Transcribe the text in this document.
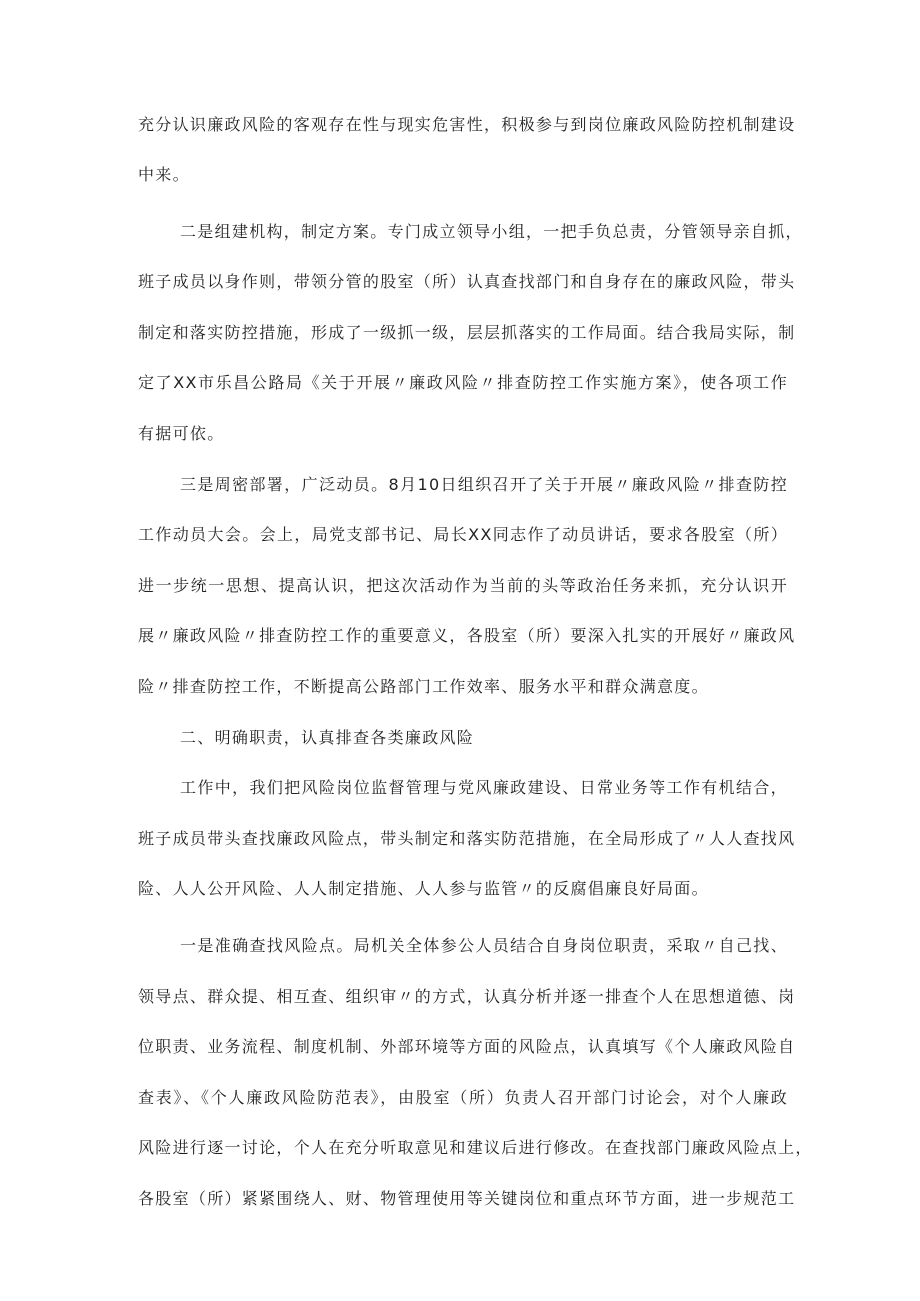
充分认识廉政风险的客观存在性与现实危害性，积极参与到岗位廉政风险防控机制建设
中来。
二是组建机构，制定方案。专门成立领导小组，一把手负总责，分管领导亲自抓，
班子成员以身作则，带领分管的股室（所）认真查找部门和自身存在的廉政风险，带头
制定和落实防控措施，形成了一级抓一级，层层抓落实的工作局面。结合我局实际，制
定了XX市乐昌公路局《关于开展〃廉政风险〃排查防控工作实施方案》，使各项工作
有据可依。
三是周密部署，广泛动员。8月10日组织召开了关于开展〃廉政风险〃排查防控
工作动员大会。会上，局党支部书记、局长XX同志作了动员讲话，要求各股室（所）
进一步统一思想、提高认识，把这次活动作为当前的头等政治任务来抓，充分认识开
展〃廉政风险〃排查防控工作的重要意义，各股室（所）要深入扎实的开展好〃廉政风
险〃排查防控工作，不断提高公路部门工作效率、服务水平和群众满意度。
二、明确职责，认真排查各类廉政风险
工作中，我们把风险岗位监督管理与党风廉政建设、日常业务等工作有机结合，
班子成员带头查找廉政风险点，带头制定和落实防范措施，在全局形成了〃人人查找风
险、人人公开风险、人人制定措施、人人参与监管〃的反腐倡廉良好局面。
一是准确查找风险点。局机关全体参公人员结合自身岗位职责，采取〃自己找、
领导点、群众提、相互查、组织审〃的方式，认真分析并逐一排查个人在思想道德、岗
位职责、业务流程、制度机制、外部环境等方面的风险点，认真填写《个人廉政风险自
查表》、《个人廉政风险防范表》，由股室（所）负责人召开部门讨论会，对个人廉政
风险进行逐一讨论，个人在充分听取意见和建议后进行修改。在查找部门廉政风险点上，
各股室（所）紧紧围绕人、财、物管理使用等关键岗位和重点环节方面，进一步规范工
